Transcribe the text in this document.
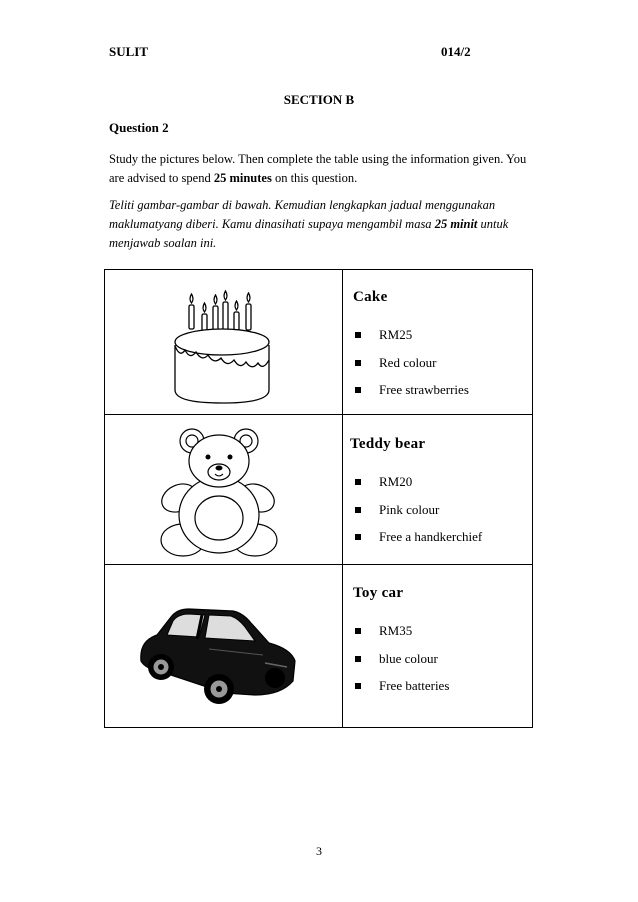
SULIT	014/2
SECTION B
Question 2
Study the pictures below. Then complete the table using the information given. You are advised to spend 25 minutes on this question.
Teliti gambar-gambar di bawah. Kemudian lengkapkan jadual menggunakan maklumatyang diberi. Kamu dinasihati supaya mengambil masa 25 minit untuk menjawab soalan ini.
Cake
RM25
Red colour
Free strawberries
Teddy bear
RM20
Pink colour
Free a handkerchief
Toy car
RM35
blue colour
Free batteries
3
